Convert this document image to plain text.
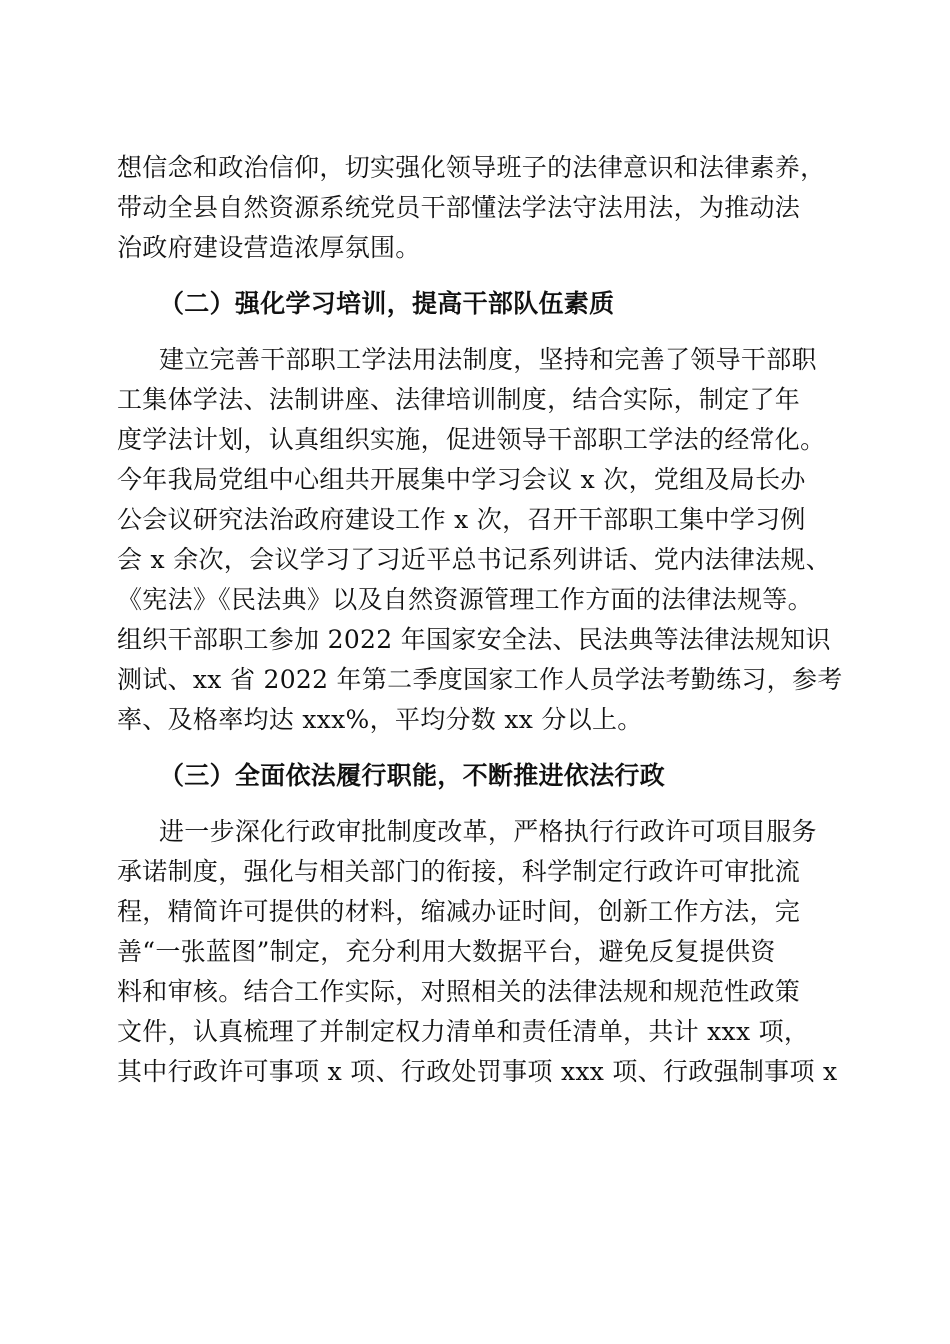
想信念和政治信仰，切实强化领导班子的法律意识和法律素养，
带动全县自然资源系统党员干部懂法学法守法用法，为推动法
治政府建设营造浓厚氛围。
（二）强化学习培训，提高干部队伍素质
建立完善干部职工学法用法制度，坚持和完善了领导干部职
工集体学法、法制讲座、法律培训制度，结合实际，制定了年
度学法计划，认真组织实施，促进领导干部职工学法的经常化。
今年我局党组中心组共开展集中学习会议 x 次，党组及局长办
公会议研究法治政府建设工作 x 次，召开干部职工集中学习例
会 x 余次，会议学习了习近平总书记系列讲话、党内法律法规、
《宪法》《民法典》以及自然资源管理工作方面的法律法规等。
组织干部职工参加 2022 年国家安全法、民法典等法律法规知识
测试、xx 省 2022 年第二季度国家工作人员学法考勤练习，参考
率、及格率均达 xxx%，平均分数 xx 分以上。
（三）全面依法履行职能，不断推进依法行政
进一步深化行政审批制度改革，严格执行行政许可项目服务
承诺制度，强化与相关部门的衔接，科学制定行政许可审批流
程，精简许可提供的材料，缩减办证时间，创新工作方法，完
善“一张蓝图”制定，充分利用大数据平台，避免反复提供资
料和审核。结合工作实际，对照相关的法律法规和规范性政策
文件，认真梳理了并制定权力清单和责任清单，共计 xxx 项，
其中行政许可事项 x 项、行政处罚事项 xxx 项、行政强制事项 x
